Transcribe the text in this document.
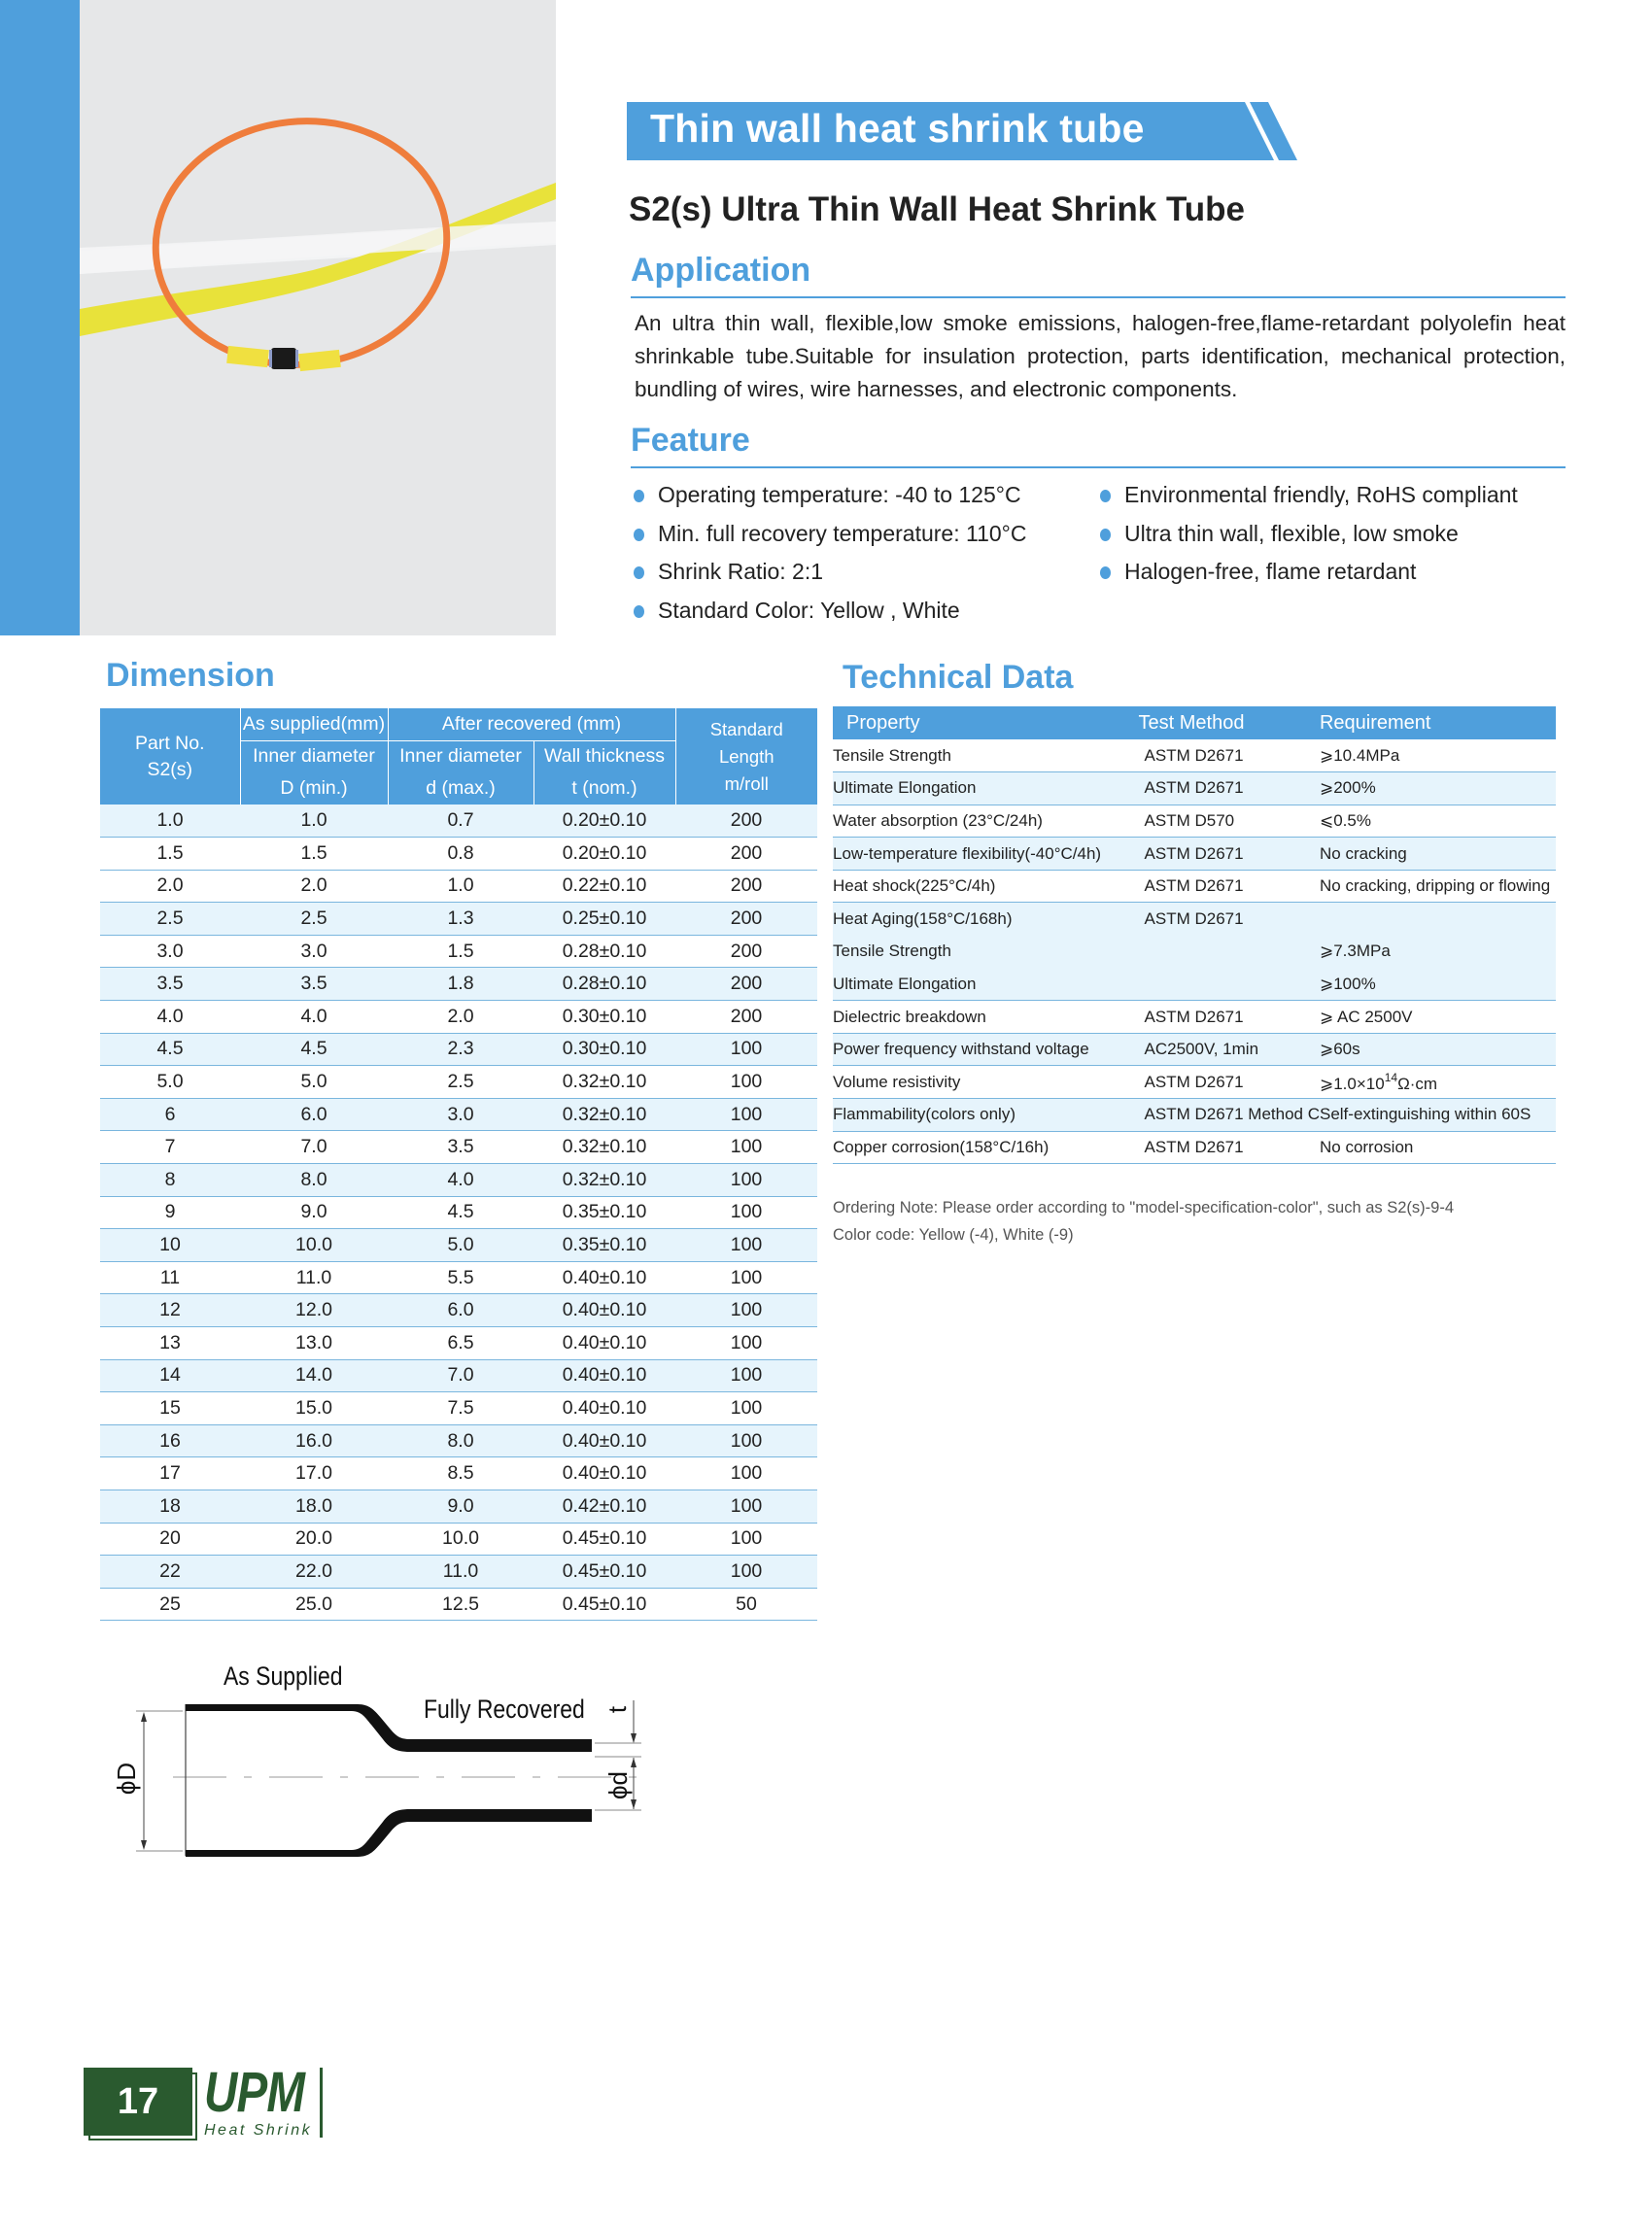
Thin wall heat shrink tube
S2(s) Ultra Thin Wall Heat Shrink Tube
Application
An ultra thin wall, flexible,low smoke emissions, halogen-free,flame-retardant polyolefin heat shrinkable tube.Suitable for insulation protection, parts identification, mechanical protection, bundling of wires, wire harnesses, and electronic components.
Feature
Operating temperature: -40 to 125°C
Min. full recovery temperature: 110°C
Shrink Ratio: 2:1
Standard Color: Yellow , White
Environmental friendly, RoHS compliant
Ultra thin wall, flexible, low smoke
Halogen-free, flame retardant
Dimension
Part No.
S2(s)	As supplied(mm)	After recovered (mm)		Standard
Length
m/roll
	Inner diameter	Inner diameter	Wall thickness	
	D (min.)	d (max.)	t (nom.)	
1.0	1.0	0.7	0.20±0.10	200
1.5	1.5	0.8	0.20±0.10	200
2.0	2.0	1.0	0.22±0.10	200
2.5	2.5	1.3	0.25±0.10	200
3.0	3.0	1.5	0.28±0.10	200
3.5	3.5	1.8	0.28±0.10	200
4.0	4.0	2.0	0.30±0.10	200
4.5	4.5	2.3	0.30±0.10	100
5.0	5.0	2.5	0.32±0.10	100
6	6.0	3.0	0.32±0.10	100
7	7.0	3.5	0.32±0.10	100
8	8.0	4.0	0.32±0.10	100
9	9.0	4.5	0.35±0.10	100
10	10.0	5.0	0.35±0.10	100
11	11.0	5.5	0.40±0.10	100
12	12.0	6.0	0.40±0.10	100
13	13.0	6.5	0.40±0.10	100
14	14.0	7.0	0.40±0.10	100
15	15.0	7.5	0.40±0.10	100
16	16.0	8.0	0.40±0.10	100
17	17.0	8.5	0.40±0.10	100
18	18.0	9.0	0.42±0.10	100
20	20.0	10.0	0.45±0.10	100
22	22.0	11.0	0.45±0.10	100
25	25.0	12.5	0.45±0.10	50
Technical Data
Property	Test Method	Requirement
Tensile Strength	ASTM D2671	⩾10.4MPa
Ultimate Elongation	ASTM D2671	⩾200%
Water absorption (23°C/24h)	ASTM D570	⩽0.5%
Low-temperature flexibility(-40°C/4h)	ASTM D2671	No cracking
Heat shock(225°C/4h)	ASTM D2671	No cracking, dripping or flowing
Heat Aging(158°C/168h)	ASTM D2671	
Tensile Strength		⩾7.3MPa
Ultimate Elongation		⩾100%
Dielectric breakdown	ASTM D2671	⩾ AC 2500V
Power frequency withstand voltage	AC2500V, 1min	⩾60s
Volume resistivity	ASTM D2671	$⩾1.0\times 10^{14}\Omega\cdot cm$
Flammability(colors only)	ASTM D2671 Method C	Self-extinguishing within 60S
Copper corrosion(158°C/16h)	ASTM D2671	No corrosion
Ordering Note: Please order according to "model-specification-color", such as S2(s)-9-4
Color code: Yellow (-4), White (-9)
As Supplied
Fully Recovered
ϕD	ϕd
t
17 UPM
Heat Shrink
